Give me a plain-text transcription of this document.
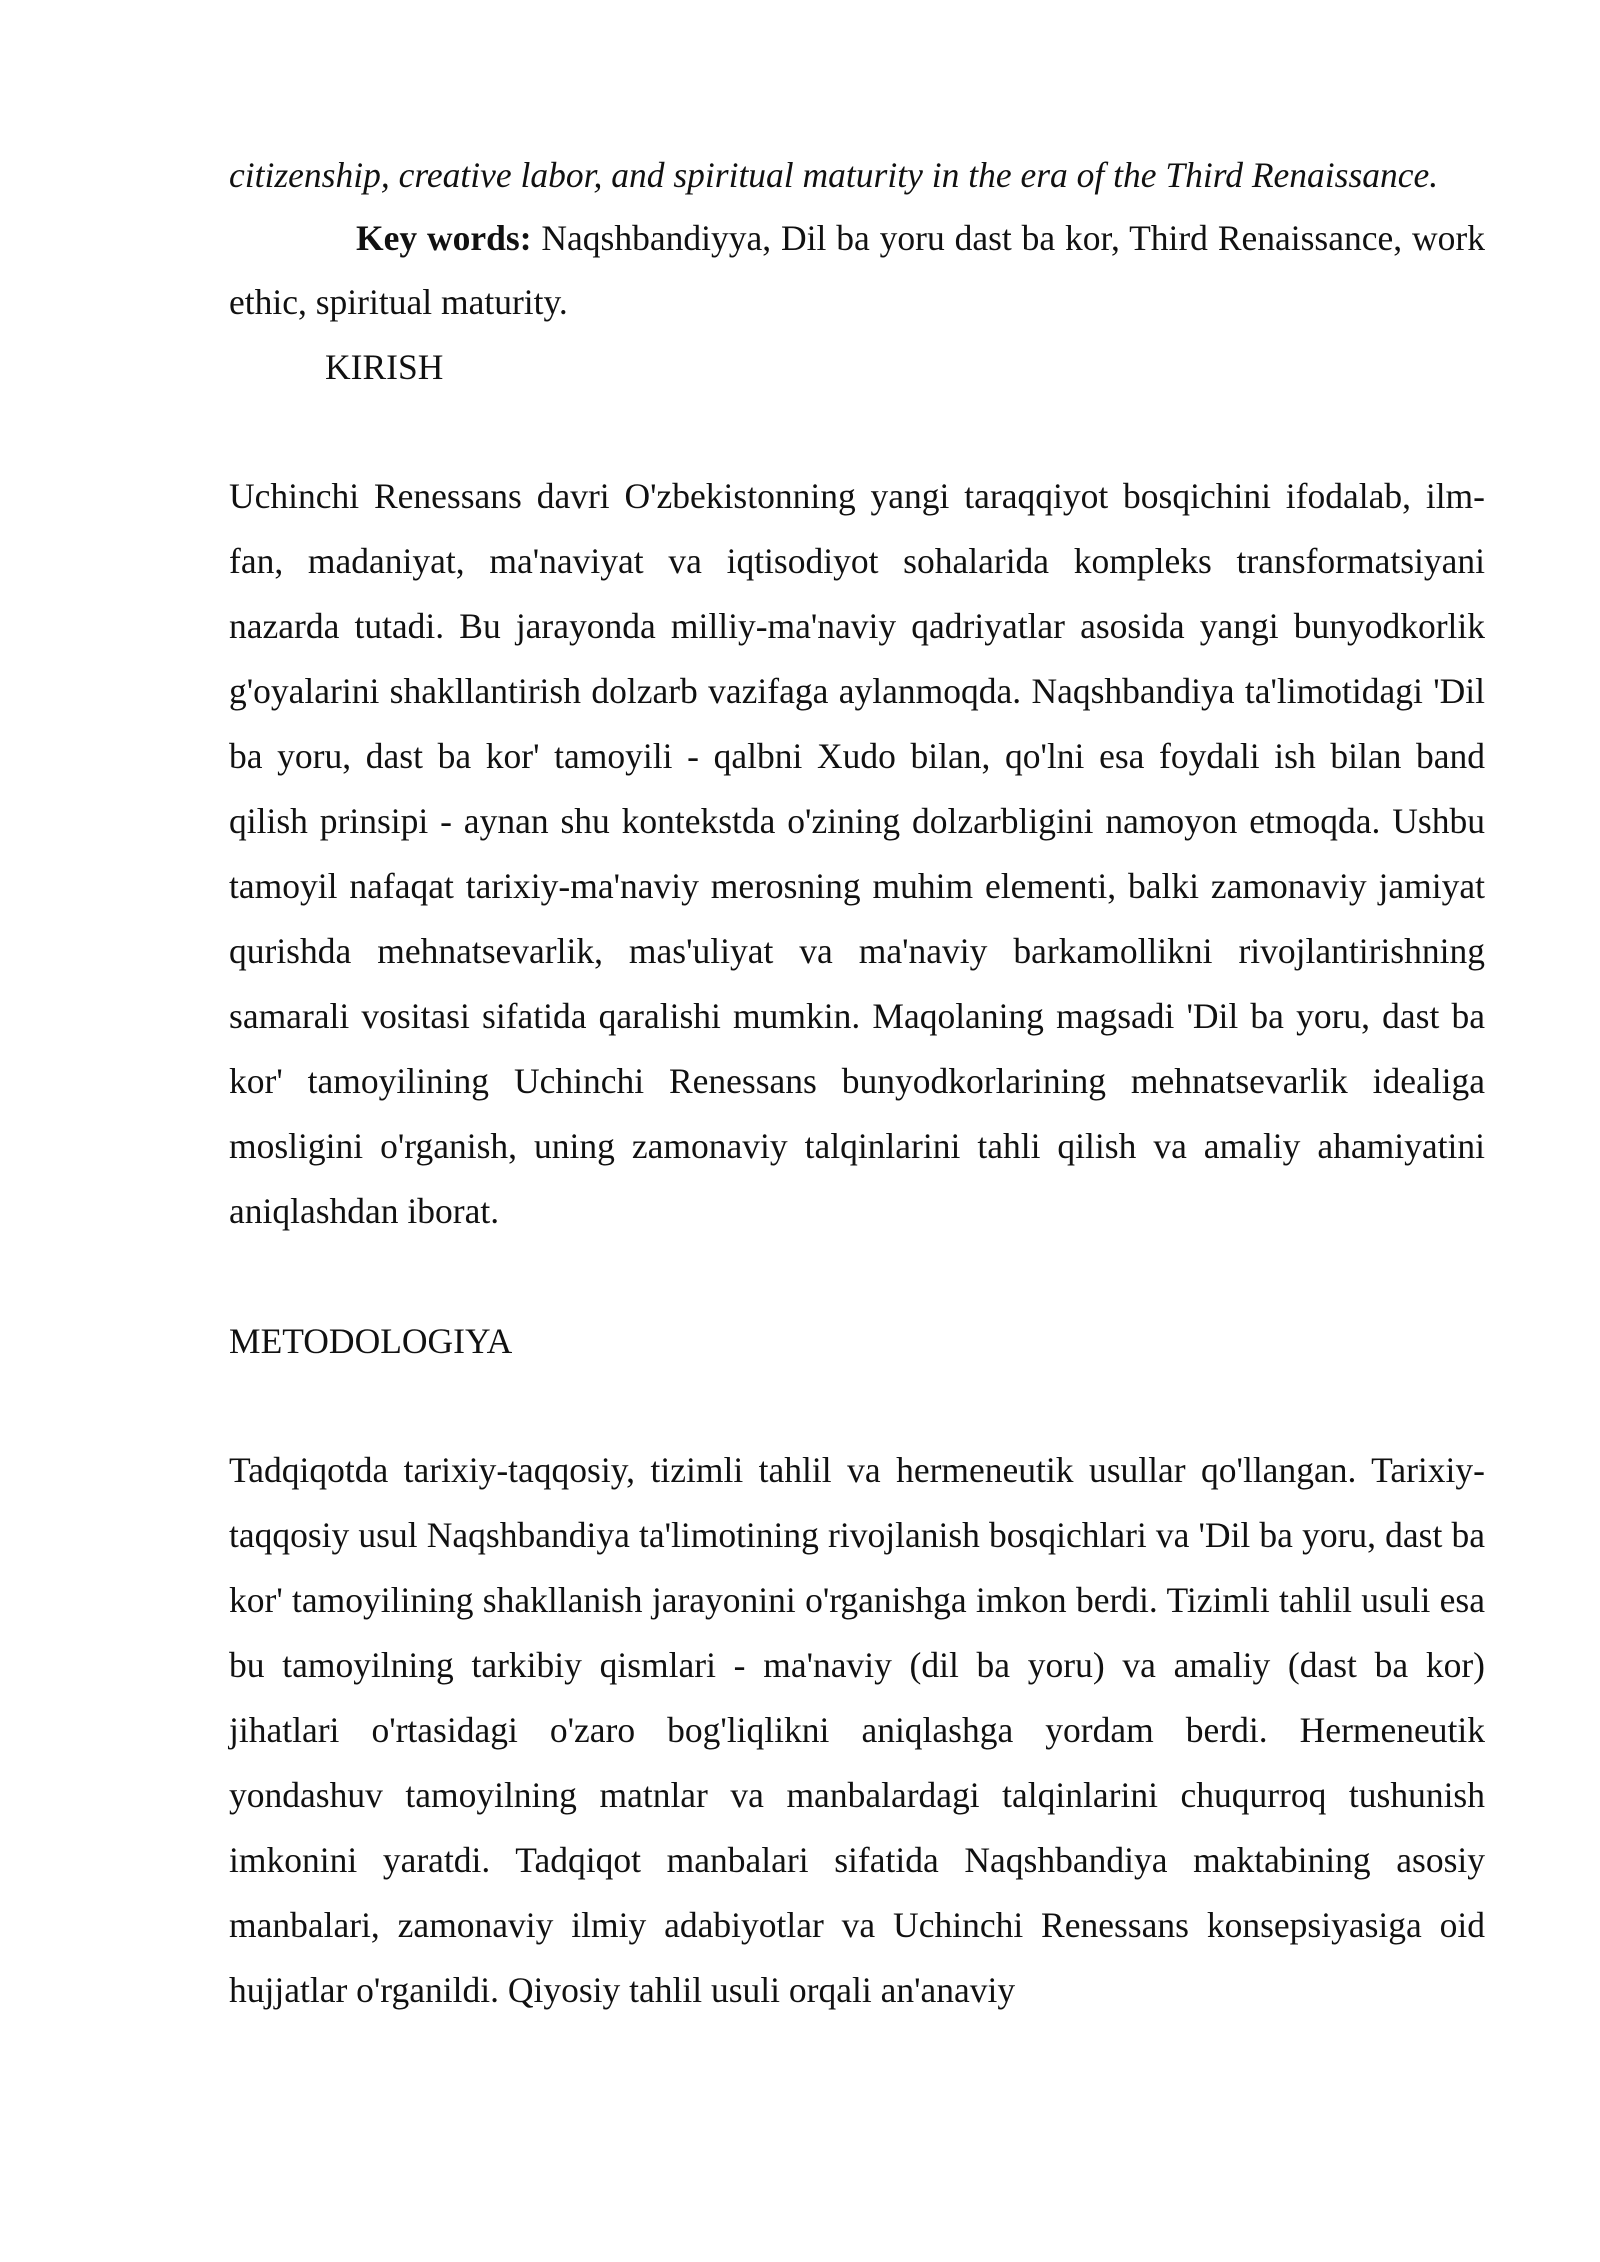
citizenship, creative labor, and spiritual maturity in the era of the Third Renaissance.

Key words: Naqshbandiyya, Dil ba yoru dast ba kor, Third Renaissance, work ethic, spiritual maturity.

KIRISH

Uchinchi Renessans davri O'zbekistonning yangi taraqqiyot bosqichini ifodalab, ilm-fan, madaniyat, ma'naviyat va iqtisodiyot sohalarida kompleks transformatsiyani nazarda tutadi. Bu jarayonda milliy-ma'naviy qadriyatlar asosida yangi bunyodkorlik g'oyalarini shakllantirish dolzarb vazifaga aylanmoqda. Naqshbandiya ta'limotidagi 'Dil ba yoru, dast ba kor' tamoyili - qalbni Xudo bilan, qo'lni esa foydali ish bilan band qilish prinsipi - aynan shu kontekstda o'zining dolzarbligini namoyon etmoqda. Ushbu tamoyil nafaqat tarixiy-ma'naviy merosning muhim elementi, balki zamonaviy jamiyat qurishda mehnatsevarlik, mas'uliyat va ma'naviy barkamollikni rivojlantirishning samarali vositasi sifatida qaralishi mumkin. Maqolaning magsadi 'Dil ba yoru, dast ba kor' tamoyilining Uchinchi Renessans bunyodkorlarining mehnatsevarlik idealiga mosligini o'rganish, uning zamonaviy talqinlarini tahli qilish va amaliy ahamiyatini aniqlashdan iborat.

METODOLOGIYA

Tadqiqotda tarixiy-taqqosiy, tizimli tahlil va hermeneutik usullar qo'llangan. Tarixiy-taqqosiy usul Naqshbandiya ta'limotining rivojlanish bosqichlari va 'Dil ba yoru, dast ba kor' tamoyilining shakllanish jarayonini o'rganishga imkon berdi. Tizimli tahlil usuli esa bu tamoyilning tarkibiy qismlari - ma'naviy (dil ba yoru) va amaliy (dast ba kor) jihatlari o'rtasidagi o'zaro bog'liqlikni aniqlashga yordam berdi. Hermeneutik yondashuv tamoyilning matnlar va manbalardagi talqinlarini chuqurroq tushunish imkonini yaratdi. Tadqiqot manbalari sifatida Naqshbandiya maktabining asosiy manbalari, zamonaviy ilmiy adabiyotlar va Uchinchi Renessans konsepsiyasiga oid hujjatlar o'rganildi. Qiyosiy tahlil usuli orqali an'anaviy
